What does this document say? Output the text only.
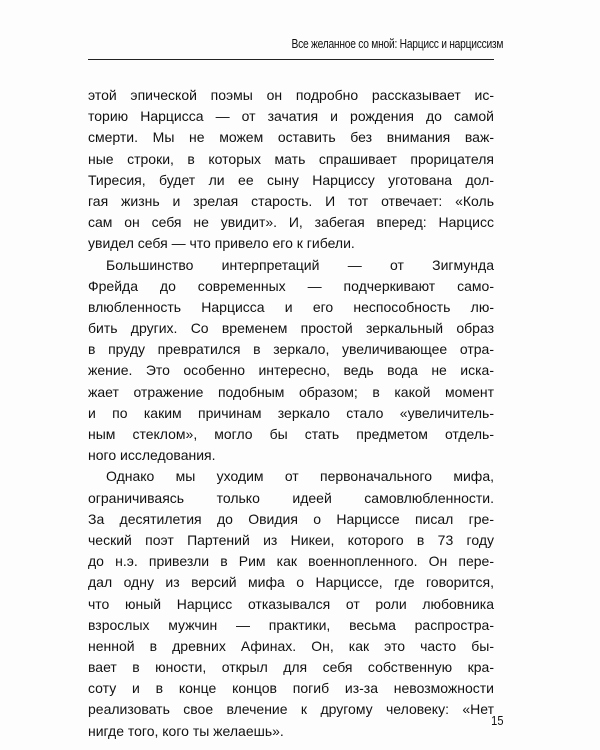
Все желанное со мной: Нарцисс и нарциссизм
этой эпической поэмы он подробно рассказывает ис-
торию Нарцисса — от зачатия и рождения до самой
смерти. Мы не можем оставить без внимания важ-
ные строки, в которых мать спрашивает прорицателя
Тиресия, будет ли ее сыну Нарциссу уготована дол-
гая жизнь и зрелая старость. И тот отвечает: «Коль
сам он себя не увидит». И, забегая вперед: Нарцисс
увидел себя — что привело его к гибели.
Большинство интерпретаций — от Зигмунда
Фрейда до современных — подчеркивают само-
влюбленность Нарцисса и его неспособность лю-
бить других. Со временем простой зеркальный образ
в пруду превратился в зеркало, увеличивающее отра-
жение. Это особенно интересно, ведь вода не иска-
жает отражение подобным образом; в какой момент
и по каким причинам зеркало стало «увеличитель-
ным стеклом», могло бы стать предметом отдель-
ного исследования.
Однако мы уходим от первоначального мифа,
ограничиваясь только идеей самовлюбленности.
За десятилетия до Овидия о Нарциссе писал гре-
ческий поэт Партений из Никеи, которого в 73 году
до н.э. привезли в Рим как военнопленного. Он пере-
дал одну из версий мифа о Нарциссе, где говорится,
что юный Нарцисс отказывался от роли любовника
взрослых мужчин — практики, весьма распростра-
ненной в древних Афинах. Он, как это часто бы-
вает в юности, открыл для себя собственную кра-
соту и в конце концов погиб из-за невозможности
реализовать свое влечение к другому человеку: «Нет
нигде того, кого ты желаешь».
15
